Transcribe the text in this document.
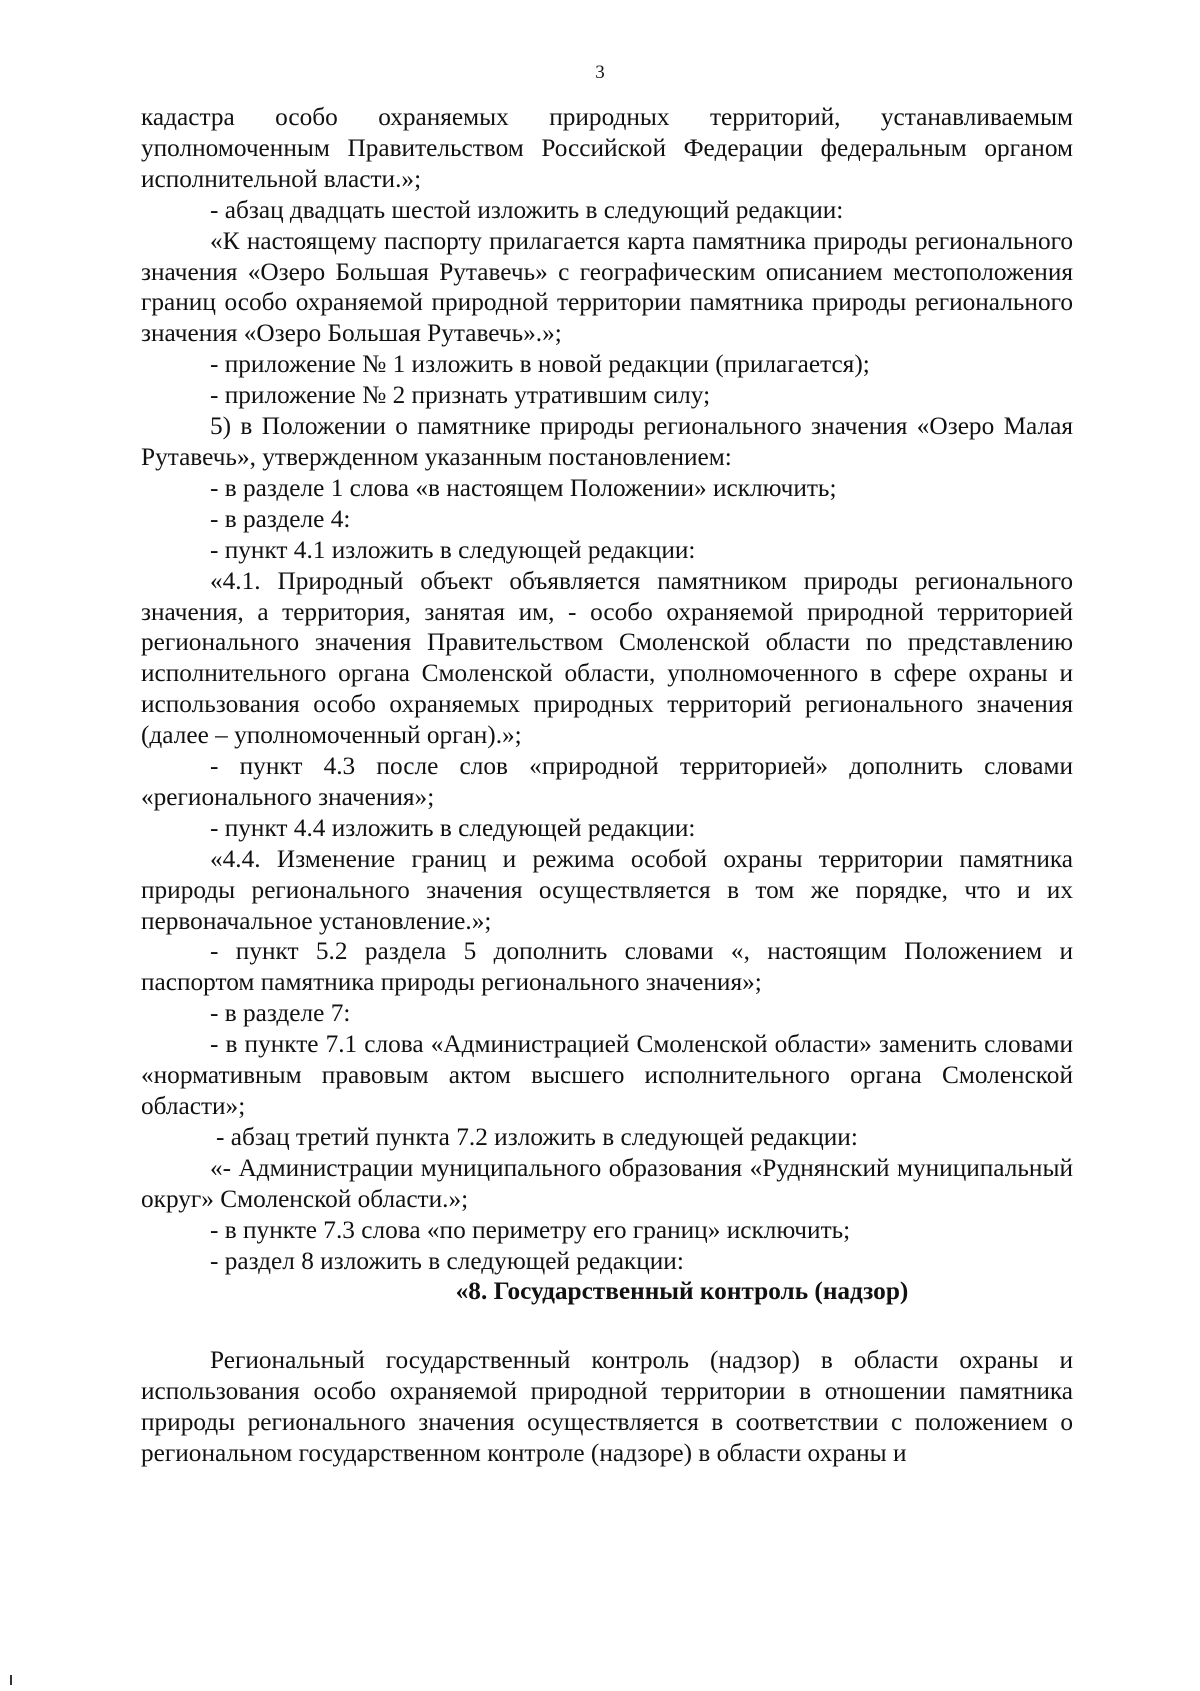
3

кадастра особо охраняемых природных территорий, устанавливаемым уполномоченным Правительством Российской Федерации федеральным органом исполнительной власти.»;

- абзац двадцать шестой изложить в следующий редакции:

«К настоящему паспорту прилагается карта памятника природы регионального значения «Озеро Большая Рутавечь» с географическим описанием местоположения границ особо охраняемой природной территории памятника природы регионального значения «Озеро Большая Рутавечь».»;

- приложение № 1 изложить в новой редакции (прилагается);

- приложение № 2 признать утратившим силу;

5) в Положении о памятнике природы регионального значения «Озеро Малая Рутавечь», утвержденном указанным постановлением:

- в разделе 1 слова «в настоящем Положении» исключить;

- в разделе 4:

- пункт 4.1 изложить в следующей редакции:

«4.1. Природный объект объявляется памятником природы регионального значения, а территория, занятая им, - особо охраняемой природной территорией регионального значения Правительством Смоленской области по представлению исполнительного органа Смоленской области, уполномоченного в сфере охраны и использования особо охраняемых природных территорий регионального значения (далее – уполномоченный орган).»;

- пункт 4.3 после слов «природной территорией» дополнить словами «регионального значения»;

- пункт 4.4 изложить в следующей редакции:

«4.4. Изменение границ и режима особой охраны территории памятника природы регионального значения осуществляется в том же порядке, что и их первоначальное установление.»;

- пункт 5.2 раздела 5 дополнить словами «, настоящим Положением и паспортом памятника природы регионального значения»;

- в разделе 7:

- в пункте 7.1 слова «Администрацией Смоленской области» заменить словами «нормативным правовым актом высшего исполнительного органа Смоленской области»;

- абзац третий пункта 7.2 изложить в следующей редакции:

«- Администрации муниципального образования «Руднянский муниципальный округ» Смоленской области.»;

- в пункте 7.3 слова «по периметру его границ» исключить;

- раздел 8 изложить в следующей редакции:

«8. Государственный контроль (надзор)

Региональный государственный контроль (надзор) в области охраны и использования особо охраняемой природной территории в отношении памятника природы регионального значения осуществляется в соответствии с положением о региональном государственном контроле (надзоре) в области охраны и
